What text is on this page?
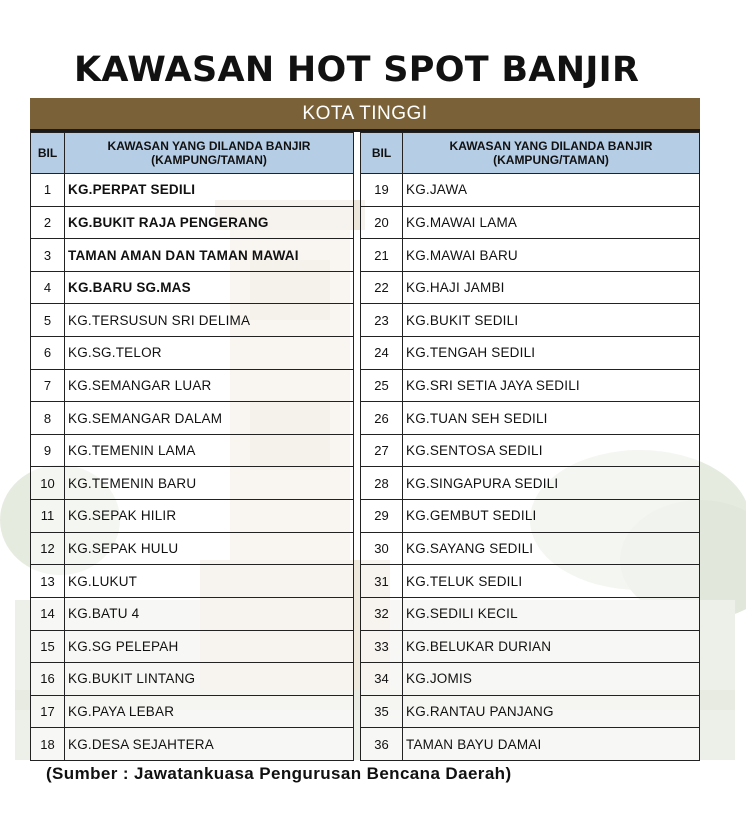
KAWASAN HOT SPOT BANJIR
KOTA TINGGI
BIL	KAWASAN YANG DILANDA BANJIR
(KAMPUNG/TAMAN)

1	KG.PERPAT SEDILI
2	KG.BUKIT RAJA PENGERANG
3	TAMAN AMAN DAN TAMAN MAWAI
4	KG.BARU SG.MAS
5	KG.TERSUSUN SRI DELIMA
6	KG.SG.TELOR
7	KG.SEMANGAR LUAR
8	KG.SEMANGAR DALAM
9	KG.TEMENIN LAMA
10	KG.TEMENIN BARU
11	KG.SEPAK HILIR
12	KG.SEPAK HULU
13	KG.LUKUT
14	KG.BATU 4
15	KG.SG PELEPAH
16	KG.BUKIT LINTANG
17	KG.PAYA LEBAR
18	KG.DESA SEJAHTERA
BIL	KAWASAN YANG DILANDA BANJIR
(KAMPUNG/TAMAN)

19	KG.JAWA
20	KG.MAWAI LAMA
21	KG.MAWAI BARU
22	KG.HAJI JAMBI
23	KG.BUKIT SEDILI
24	KG.TENGAH SEDILI
25	KG.SRI SETIA JAYA SEDILI
26	KG.TUAN SEH SEDILI
27	KG.SENTOSA SEDILI
28	KG.SINGAPURA SEDILI
29	KG.GEMBUT SEDILI
30	KG.SAYANG SEDILI
31	KG.TELUK SEDILI
32	KG.SEDILI KECIL
33	KG.BELUKAR DURIAN
34	KG.JOMIS
35	KG.RANTAU PANJANG
36	TAMAN BAYU DAMAI
(Sumber : Jawatankuasa Pengurusan Bencana Daerah)
